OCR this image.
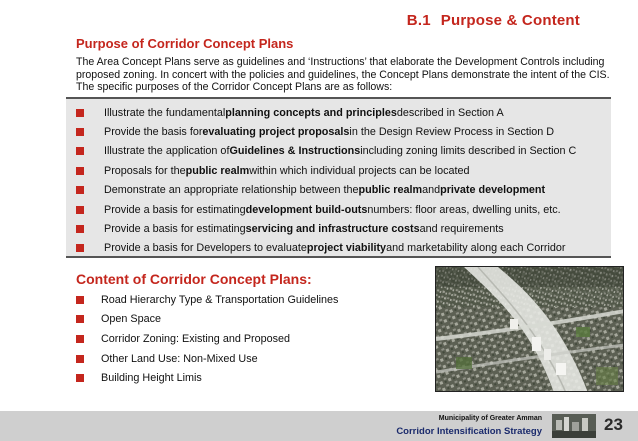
B.1 Purpose & Content
Purpose of Corridor Concept Plans

The Area Concept Plans serve as guidelines and ‘Instructions’ that elaborate the Development Controls including proposed zoning. In concert with the policies and guidelines, the Concept Plans demonstrate the intent of the CIS. The specific purposes of the Corridor Concept Plans are as follows:

Illustrate the fundamental planning concepts and principles described in Section A
Provide the basis for evaluating project proposals in the Design Review Process in Section D
Illustrate the application of Guidelines & Instructions including zoning limits described in Section C
Proposals for the public realm within which individual projects can be located
Demonstrate an appropriate relationship between the public realm and private development
Provide a basis for estimating development build-outs numbers: floor areas, dwelling units, etc.
Provide a basis for estimating servicing and infrastructure costs and requirements
Provide a basis for Developers to evaluate project viability and marketability along each Corridor
Content of Corridor Concept Plans:
Road Hierarchy Type & Transportation Guidelines
Open Space
Corridor Zoning: Existing and Proposed
Other Land Use: Non-Mixed Use
Building Height Limis
Municipality of Greater Amman
Corridor Intensification Strategy	23
